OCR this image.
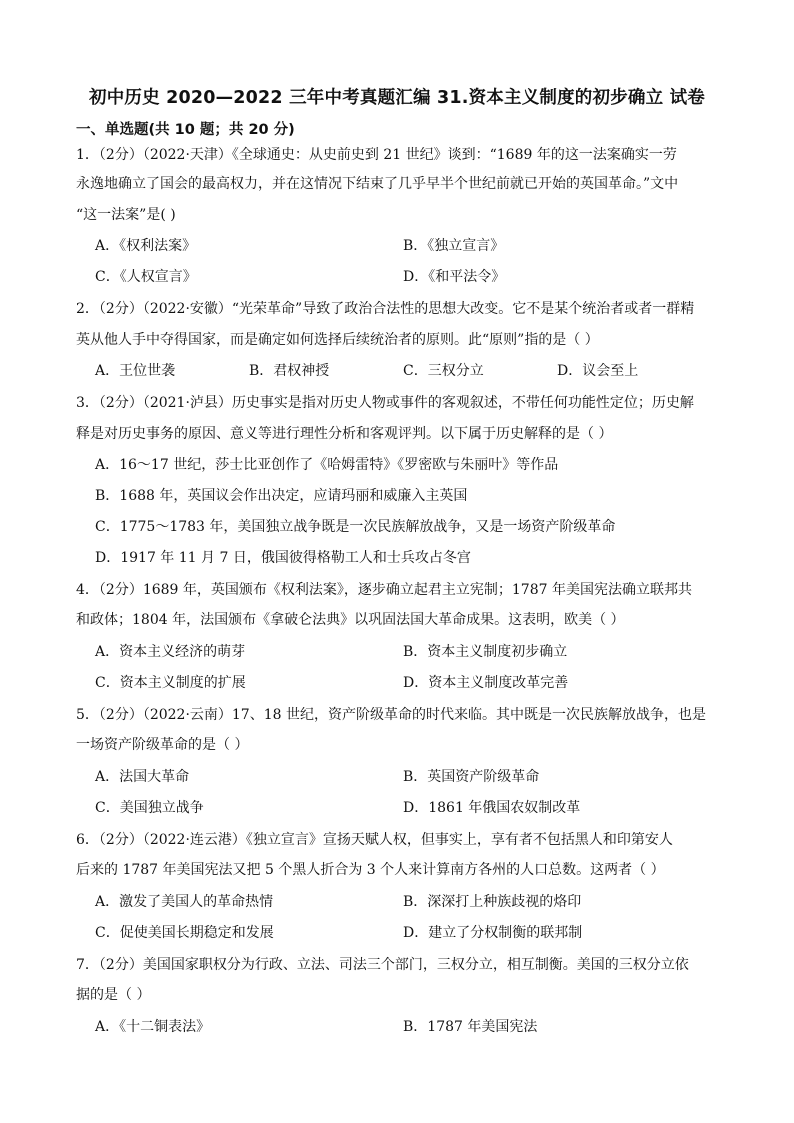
初中历史 2020—2022 三年中考真题汇编 31.资本主义制度的初步确立 试卷
一、单选题(共 10 题；共 20 分)
1．（2分）（2022·天津）《全球通史：从史前史到 21 世纪》谈到：“1689 年的这一法案确实一劳
永逸地确立了国会的最高权力，并在这情况下结束了几乎早半个世纪前就已开始的英国革命。”文中
“这一法案”是( )
A．《权利法案》	B．《独立宣言》
C．《人权宣言》	D．《和平法令》
2．（2分）（2022·安徽）“光荣革命”导致了政治合法性的思想大改变。它不是某个统治者或者一群精
英从他人手中夺得国家，而是确定如何选择后续统治者的原则。此“原则”指的是（ ）
A．王位世袭	B．君权神授	C．三权分立	D．议会至上
3．（2分）（2021·泸县）历史事实是指对历史人物或事件的客观叙述，不带任何功能性定位；历史解
释是对历史事务的原因、意义等进行理性分析和客观评判。以下属于历史解释的是（ ）
A．16～17 世纪，莎士比亚创作了《哈姆雷特》《罗密欧与朱丽叶》等作品
B．1688 年，英国议会作出决定，应请玛丽和威廉入主英国
C．1775～1783 年，美国独立战争既是一次民族解放战争，又是一场资产阶级革命
D．1917 年 11 月 7 日，俄国彼得格勒工人和士兵攻占冬宫
4．（2分）1689 年，英国颁布《权利法案》，逐步确立起君主立宪制；1787 年美国宪法确立联邦共
和政体；1804 年，法国颁布《拿破仑法典》以巩固法国大革命成果。这表明，欧美（ ）
A．资本主义经济的萌芽	B．资本主义制度初步确立
C．资本主义制度的扩展	D．资本主义制度改革完善
5．（2分）（2022·云南）17、18 世纪，资产阶级革命的时代来临。其中既是一次民族解放战争，也是
一场资产阶级革命的是（ ）
A．法国大革命	B．英国资产阶级革命
C．美国独立战争	D．1861 年俄国农奴制改革
6．（2分）（2022·连云港）《独立宣言》宣扬天赋人权，但事实上，享有者不包括黑人和印第安人
后来的 1787 年美国宪法又把 5 个黑人折合为 3 个人来计算南方各州的人口总数。这两者（ ）
A．激发了美国人的革命热情	B．深深打上种族歧视的烙印
C．促使美国长期稳定和发展	D．建立了分权制衡的联邦制
7．（2分）美国国家职权分为行政、立法、司法三个部门，三权分立，相互制衡。美国的三权分立依
据的是（ ）
A．《十二铜表法》	B．1787 年美国宪法
